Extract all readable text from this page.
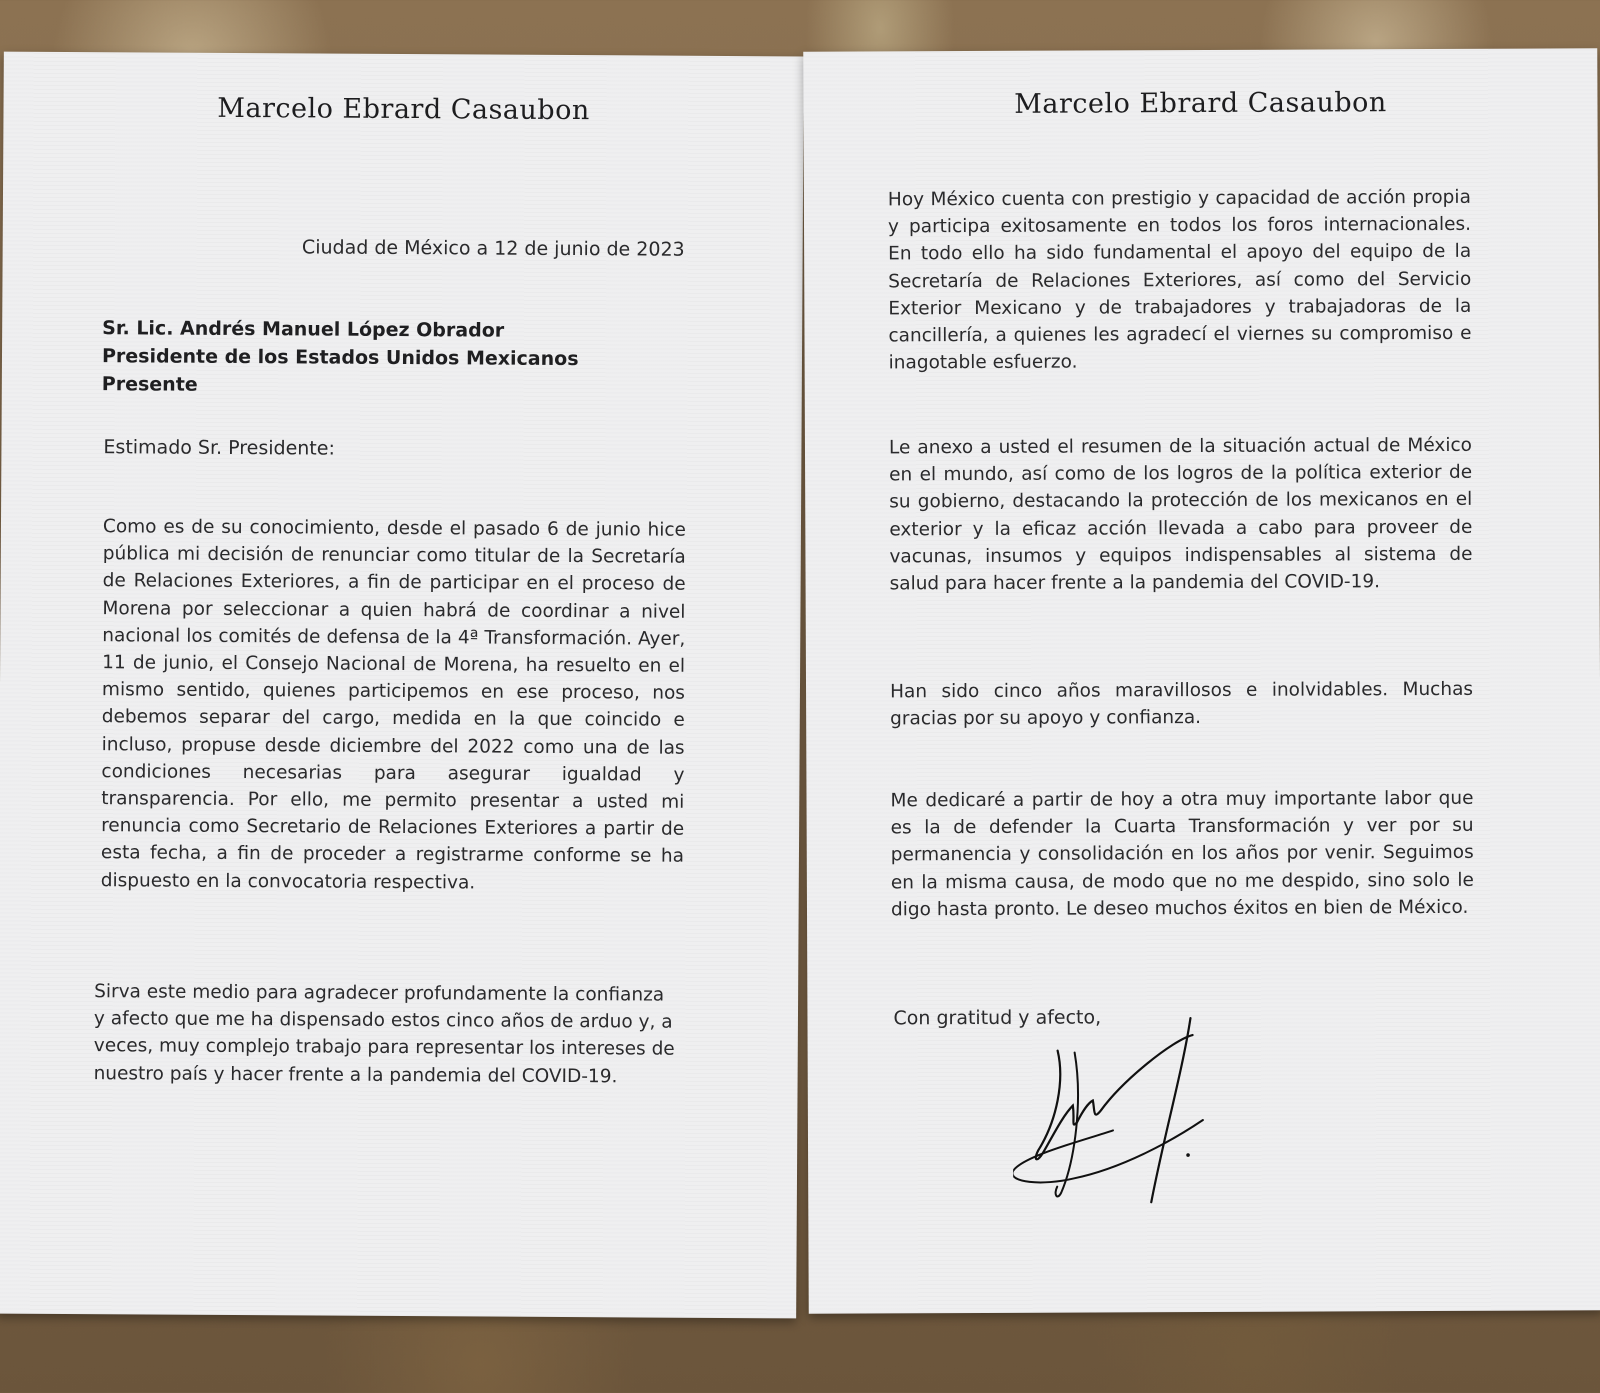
Marcelo Ebrard Casaubon
Ciudad de México a 12 de junio de 2023
Sr. Lic. Andrés Manuel López Obrador
Presidente de los Estados Unidos Mexicanos
Presente
Estimado Sr. Presidente:

Como es de su conocimiento, desde el pasado 6 de junio hice pública mi decisión de renunciar como titular de la Secretaría de Relaciones Exteriores, a fin de participar en el proceso de Morena por seleccionar a quien habrá de coordinar a nivel nacional los comités de defensa de la 4ª Transformación. Ayer, 11 de junio, el Consejo Nacional de Morena, ha resuelto en el mismo sentido, quienes participemos en ese proceso, nos debemos separar del cargo, medida en la que coincido e incluso, propuse desde diciembre del 2022 como una de las condiciones necesarias para asegurar igualdad y transparencia. Por ello, me permito presentar a usted mi renuncia como Secretario de Relaciones Exteriores a partir de esta fecha, a fin de proceder a registrarme conforme se ha dispuesto en la convocatoria respectiva.

Sirva este medio para agradecer profundamente la confianza y afecto que me ha dispensado estos cinco años de arduo y, a veces, muy complejo trabajo para representar los intereses de nuestro país y hacer frente a la pandemia del COVID-19.

Marcelo Ebrard Casaubon

Hoy México cuenta con prestigio y capacidad de acción propia y participa exitosamente en todos los foros internacionales. En todo ello ha sido fundamental el apoyo del equipo de la Secretaría de Relaciones Exteriores, así como del Servicio Exterior Mexicano y de trabajadores y trabajadoras de la cancillería, a quienes les agradecí el viernes su compromiso e inagotable esfuerzo.

Le anexo a usted el resumen de la situación actual de México en el mundo, así como de los logros de la política exterior de su gobierno, destacando la protección de los mexicanos en el exterior y la eficaz acción llevada a cabo para proveer de vacunas, insumos y equipos indispensables al sistema de salud para hacer frente a la pandemia del COVID-19.

Han sido cinco años maravillosos e inolvidables. Muchas gracias por su apoyo y confianza.

Me dedicaré a partir de hoy a otra muy importante labor que es la de defender la Cuarta Transformación y ver por su permanencia y consolidación en los años por venir. Seguimos en la misma causa, de modo que no me despido, sino solo le digo hasta pronto. Le deseo muchos éxitos en bien de México.

Con gratitud y afecto,
